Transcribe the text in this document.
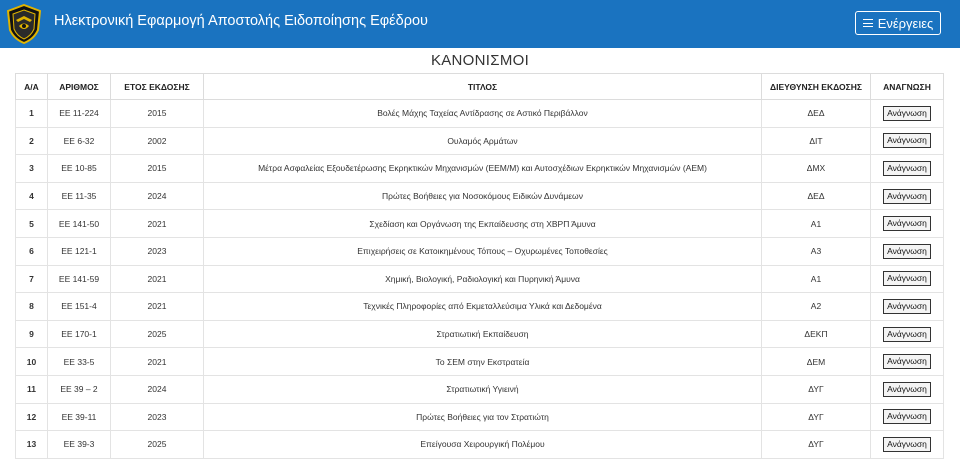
Ηλεκτρονική Εφαρμογή Αποστολής Ειδοποίησης Εφέδρου	Ενέργειες
ΚΑΝΟΝΙΣΜΟΙ
Α/Α	ΑΡΙΘΜΟΣ	ΕΤΟΣ ΕΚΔΟΣΗΣ	ΤΙΤΛΟΣ	ΔΙΕΥΘΥΝΣΗ ΕΚΔΟΣΗΣ	ΑΝΑΓΝΩΣΗ
1	ΕΕ 11-224	2015	Βολές Μάχης Ταχείας Αντίδρασης σε Αστικό Περιβάλλον	ΔΕΔ	Ανάγνωση
2	ΕΕ 6-32	2002	Ουλαμός Αρμάτων	ΔΙΤ	Ανάγνωση
3	ΕΕ 10-85	2015	Μέτρα Ασφαλείας Εξουδετέρωσης Εκρηκτικών Μηχανισμών (ΕΕΜ/Μ) και Αυτοσχέδιων Εκρηκτικών Μηχανισμών (ΑΕΜ)	ΔΜΧ	Ανάγνωση
4	ΕΕ 11-35	2024	Πρώτες Βοήθειες για Νοσοκόμους Ειδικών Δυνάμεων	ΔΕΔ	Ανάγνωση
5	ΕΕ 141-50	2021	Σχεδίαση και Οργάνωση της Εκπαίδευσης στη ΧΒΡΠ Άμυνα	Α1	Ανάγνωση
6	ΕΕ 121-1	2023	Επιχειρήσεις σε Κατοικημένους Τόπους – Οχυρωμένες Τοποθεσίες	Α3	Ανάγνωση
7	ΕΕ 141-59	2021	Χημική, Βιολογική, Ραδιολογική και Πυρηνική Άμυνα	Α1	Ανάγνωση
8	ΕΕ 151-4	2021	Τεχνικές Πληροφορίες από Εκμεταλλεύσιμα Υλικά και Δεδομένα	Α2	Ανάγνωση
9	ΕΕ 170-1	2025	Στρατιωτική Εκπαίδευση	ΔΕΚΠ	Ανάγνωση
10	ΕΕ 33-5	2021	Το ΣΕΜ στην Εκστρατεία	ΔΕΜ	Ανάγνωση
11	ΕΕ 39 – 2	2024	Στρατιωτική Υγιεινή	ΔΥΓ	Ανάγνωση
12	ΕΕ 39-11	2023	Πρώτες Βοήθειες για τον Στρατιώτη	ΔΥΓ	Ανάγνωση
13	ΕΕ 39-3	2025	Επείγουσα Χειρουργική Πολέμου	ΔΥΓ	Ανάγνωση
